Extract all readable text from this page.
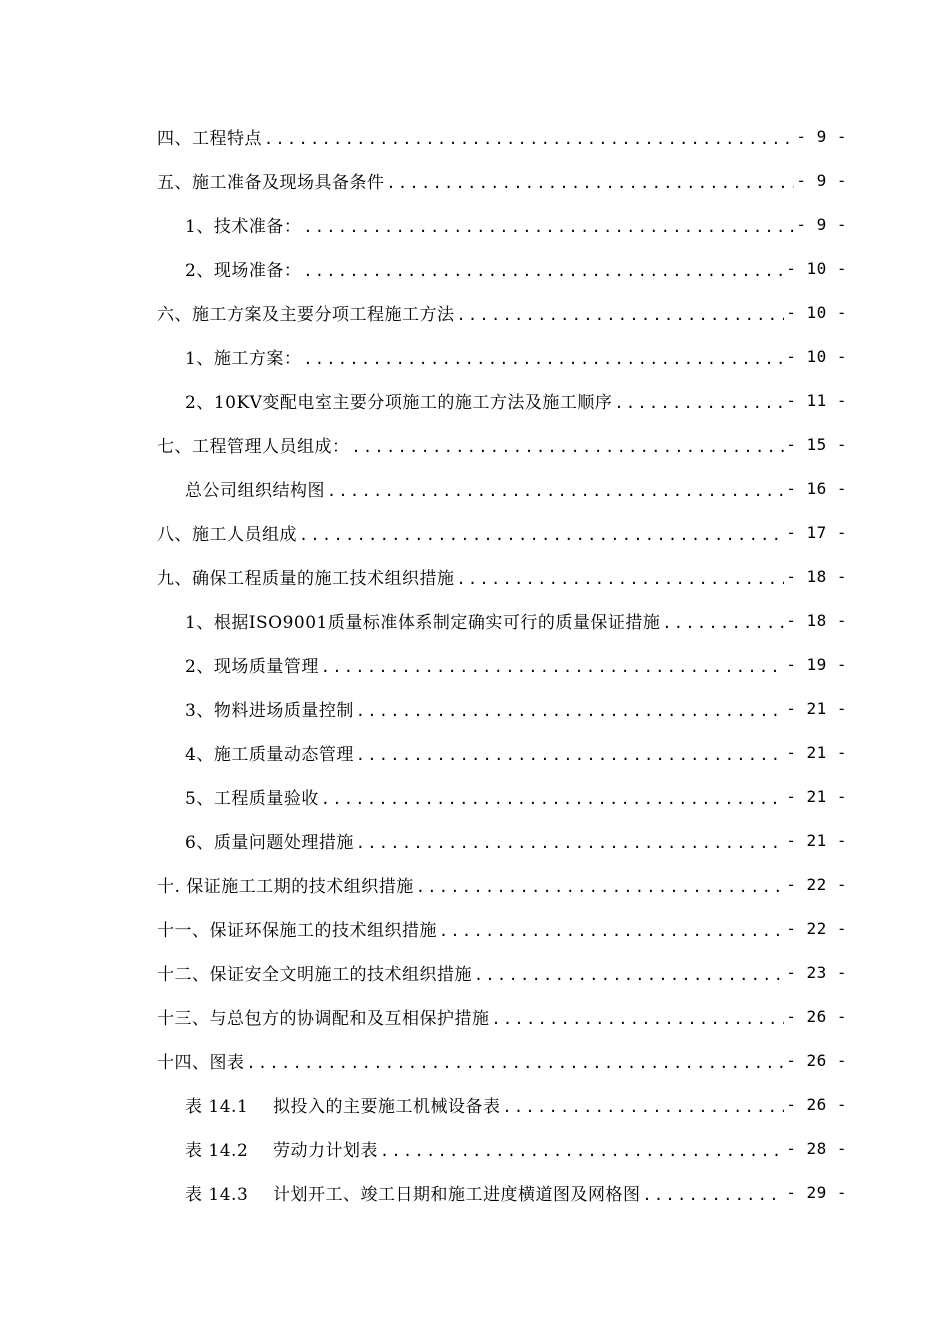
四、工程特点 .....	- 9 -
五、施工准备及现场具备条件 .....	- 9 -
1、技术准备： .....	- 9 -
2、现场准备： .....	- 10 -
六、施工方案及主要分项工程施工方法 .....	- 10 -
1、施工方案： .....	- 10 -
2、10KV变配电室主要分项施工的施工方法及施工顺序 .....	- 11 -
七、工程管理人员组成： .....	- 15 -
总公司组织结构图 .....	- 16 -
八、施工人员组成 .....	- 17 -
九、确保工程质量的施工技术组织措施 .....	- 18 -
1、根据ISO9001质量标准体系制定确实可行的质量保证措施 .....	- 18 -
2、现场质量管理 .....	- 19 -
3、物料进场质量控制 .....	- 21 -
4、施工质量动态管理 .....	- 21 -
5、工程质量验收 .....	- 21 -
6、质量问题处理措施 .....	- 21 -
十. 保证施工工期的技术组织措施 .....	- 22 -
十一、保证环保施工的技术组织措施 .....	- 22 -
十二、保证安全文明施工的技术组织措施 .....	- 23 -
十三、与总包方的协调配和及互相保护措施 .....	- 26 -
十四、图表 .....	- 26 -
表 14.1 拟投入的主要施工机械设备表 .....	- 26 -
表 14.2 劳动力计划表 .....	- 28 -
表 14.3 计划开工、竣工日期和施工进度横道图及网格图 .....	- 29 -
